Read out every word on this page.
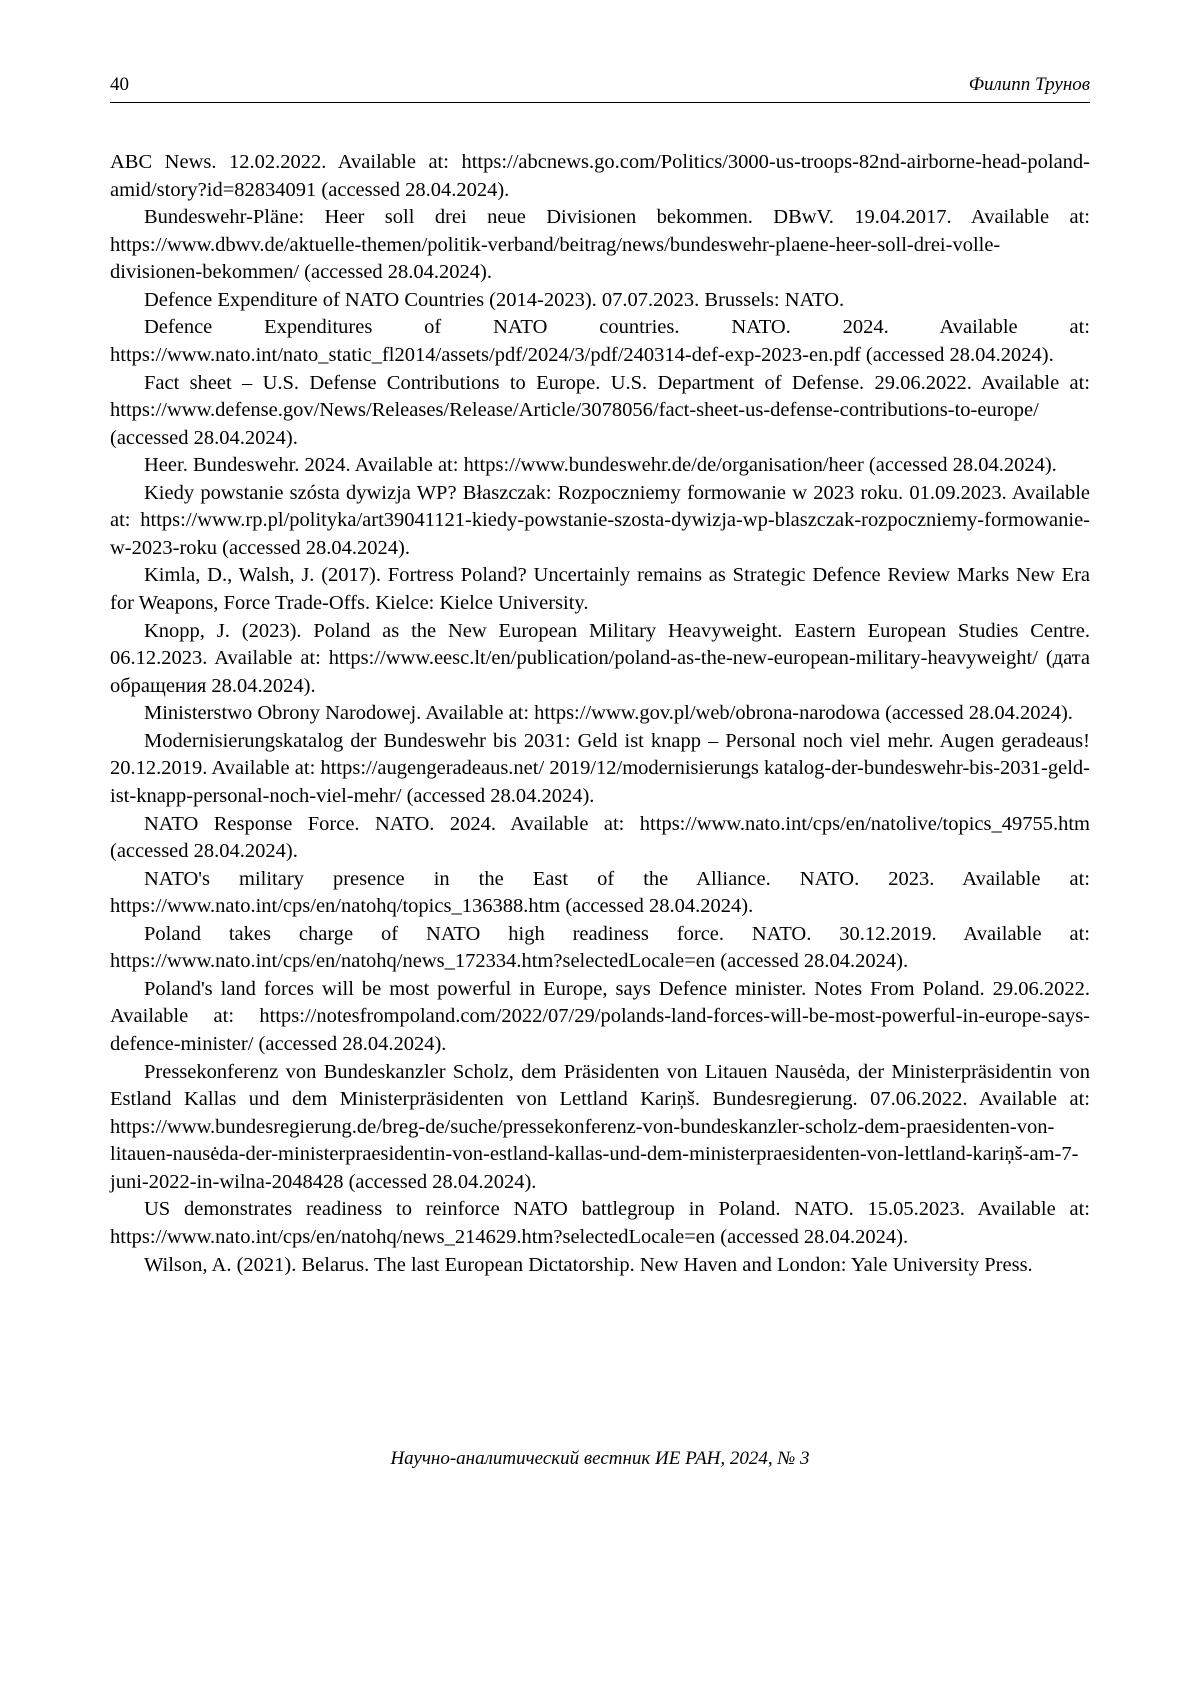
40	Филипп Трунов

ABC News. 12.02.2022. Available at: https://abcnews.go.com/Politics/3000-us-troops-82nd-airborne-head-poland-amid/story?id=82834091 (accessed 28.04.2024).

Bundeswehr-Pläne: Heer soll drei neue Divisionen bekommen. DBwV. 19.04.2017. Available at: https://www.dbwv.de/aktuelle-themen/politik-verband/beitrag/news/bundeswehr-plaene-heer-soll-drei-volle-divisionen-bekommen/ (accessed 28.04.2024).

Defence Expenditure of NATO Countries (2014-2023). 07.07.2023. Brussels: NATO.

Defence Expenditures of NATO countries. NATO. 2024. Available at: https://www.nato.int/nato_static_fl2014/assets/pdf/2024/3/pdf/240314-def-exp-2023-en.pdf (accessed 28.04.2024).

Fact sheet – U.S. Defense Contributions to Europe. U.S. Department of Defense. 29.06.2022. Available at: https://www.defense.gov/News/Releases/Release/Article/3078056/fact-sheet-us-defense-contributions-to-europe/ (accessed 28.04.2024).

Heer. Bundeswehr. 2024. Available at: https://www.bundeswehr.de/de/organisation/heer (accessed 28.04.2024).

Kiedy powstanie szósta dywizja WP? Błaszczak: Rozpoczniemy formowanie w 2023 roku. 01.09.2023. Available at: https://www.rp.pl/polityka/art39041121-kiedy-powstanie-szosta-dywizja-wp-blaszczak-rozpoczniemy-formowanie-w-2023-roku (accessed 28.04.2024).

Kimla, D., Walsh, J. (2017). Fortress Poland? Uncertainly remains as Strategic Defence Review Marks New Era for Weapons, Force Trade-Offs. Kielce: Kielce University.

Knopp, J. (2023). Poland as the New European Military Heavyweight. Eastern European Studies Centre. 06.12.2023. Available at: https://www.eesc.lt/en/publication/poland-as-the-new-european-military-heavyweight/ (дата обращения 28.04.2024).

Ministerstwo Obrony Narodowej. Available at: https://www.gov.pl/web/obrona-narodowa (accessed 28.04.2024).

Modernisierungskatalog der Bundeswehr bis 2031: Geld ist knapp – Personal noch viel mehr. Augen geradeaus! 20.12.2019. Available at: https://augengeradeaus.net/ 2019/12/modernisierungs katalog-der-bundeswehr-bis-2031-geld-ist-knapp-personal-noch-viel-mehr/ (accessed 28.04.2024).

NATO Response Force. NATO. 2024. Available at: https://www.nato.int/cps/en/natolive/topics_49755.htm (accessed 28.04.2024).

NATO's military presence in the East of the Alliance. NATO. 2023. Available at: https://www.nato.int/cps/en/natohq/topics_136388.htm (accessed 28.04.2024).

Poland takes charge of NATO high readiness force. NATO. 30.12.2019. Available at: https://www.nato.int/cps/en/natohq/news_172334.htm?selectedLocale=en (accessed 28.04.2024).

Poland's land forces will be most powerful in Europe, says Defence minister. Notes From Poland. 29.06.2022. Available at: https://notesfrompoland.com/2022/07/29/polands-land-forces-will-be-most-powerful-in-europe-says-defence-minister/ (accessed 28.04.2024).

Pressekonferenz von Bundeskanzler Scholz, dem Präsidenten von Litauen Nausėda, der Ministerpräsidentin von Estland Kallas und dem Ministerpräsidenten von Lettland Kariņš. Bundesregierung. 07.06.2022. Available at: https://www.bundesregierung.de/breg-de/suche/pressekonferenz-von-bundeskanzler-scholz-dem-praesidenten-von-litauen-nausėda-der-ministerpraesidentin-von-estland-kallas-und-dem-ministerpraesidenten-von-lettland-kariņš-am-7-juni-2022-in-wilna-2048428 (accessed 28.04.2024).

US demonstrates readiness to reinforce NATO battlegroup in Poland. NATO. 15.05.2023. Available at: https://www.nato.int/cps/en/natohq/news_214629.htm?selectedLocale=en (accessed 28.04.2024).

Wilson, A. (2021). Belarus. The last European Dictatorship. New Haven and London: Yale University Press.

Научно-аналитический вестник ИЕ РАН, 2024, № 3
